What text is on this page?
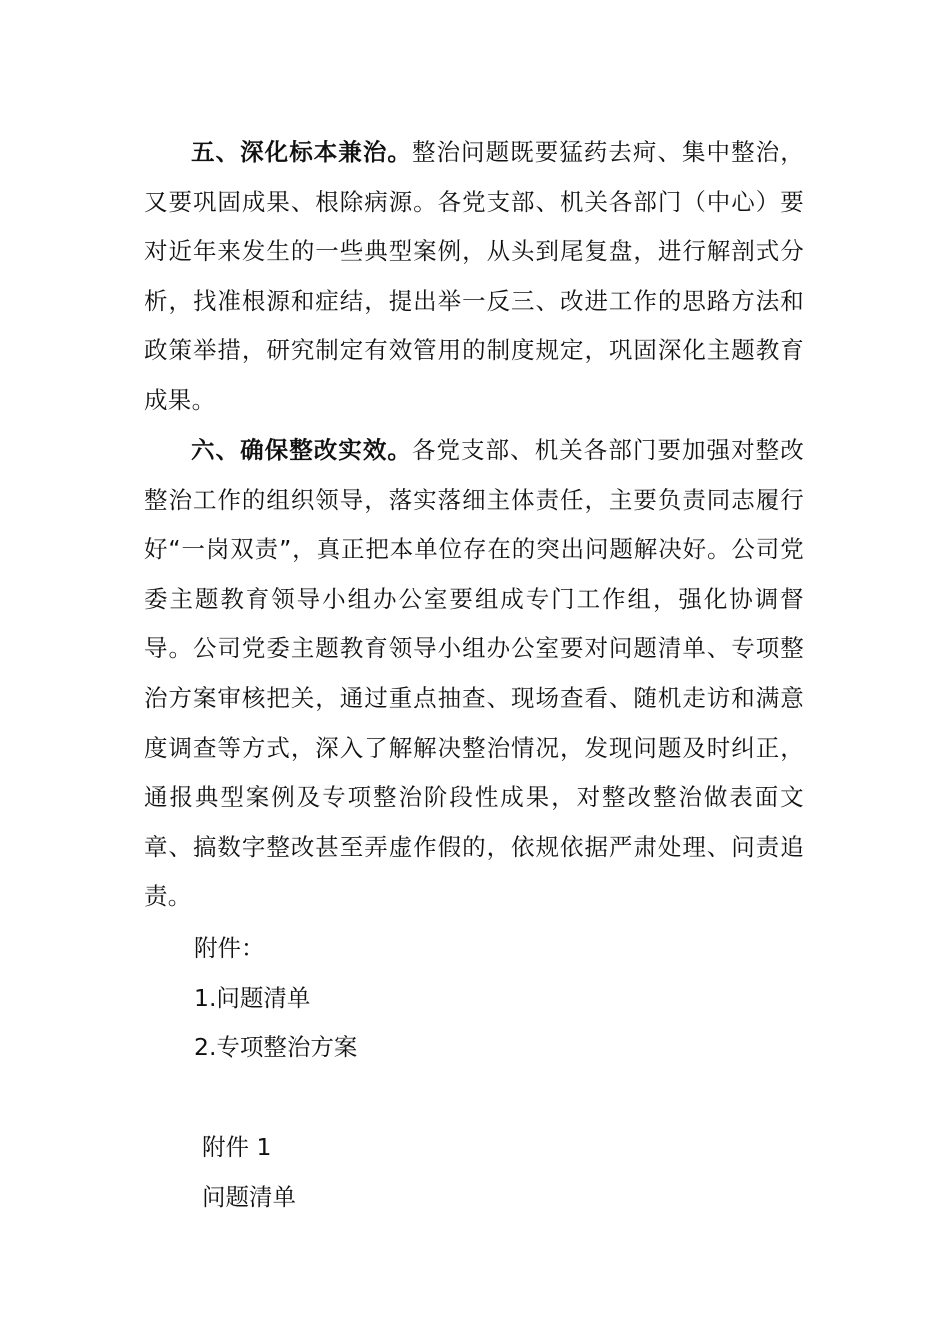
五、深化标本兼治。整治问题既要猛药去疴、集中整治，又要巩固成果、根除病源。各党支部、机关各部门（中心）要对近年来发生的一些典型案例，从头到尾复盘，进行解剖式分析，找准根源和症结，提出举一反三、改进工作的思路方法和政策举措，研究制定有效管用的制度规定，巩固深化主题教育成果。

六、确保整改实效。各党支部、机关各部门要加强对整改整治工作的组织领导，落实落细主体责任，主要负责同志履行好“一岗双责”，真正把本单位存在的突出问题解决好。公司党委主题教育领导小组办公室要组成专门工作组，强化协调督导。公司党委主题教育领导小组办公室要对问题清单、专项整治方案审核把关，通过重点抽查、现场查看、随机走访和满意度调查等方式，深入了解解决整治情况，发现问题及时纠正，通报典型案例及专项整治阶段性成果，对整改整治做表面文章、搞数字整改甚至弄虚作假的，依规依据严肃处理、问责追责。

附件：

1.问题清单

2.专项整治方案

附件 1

问题清单
